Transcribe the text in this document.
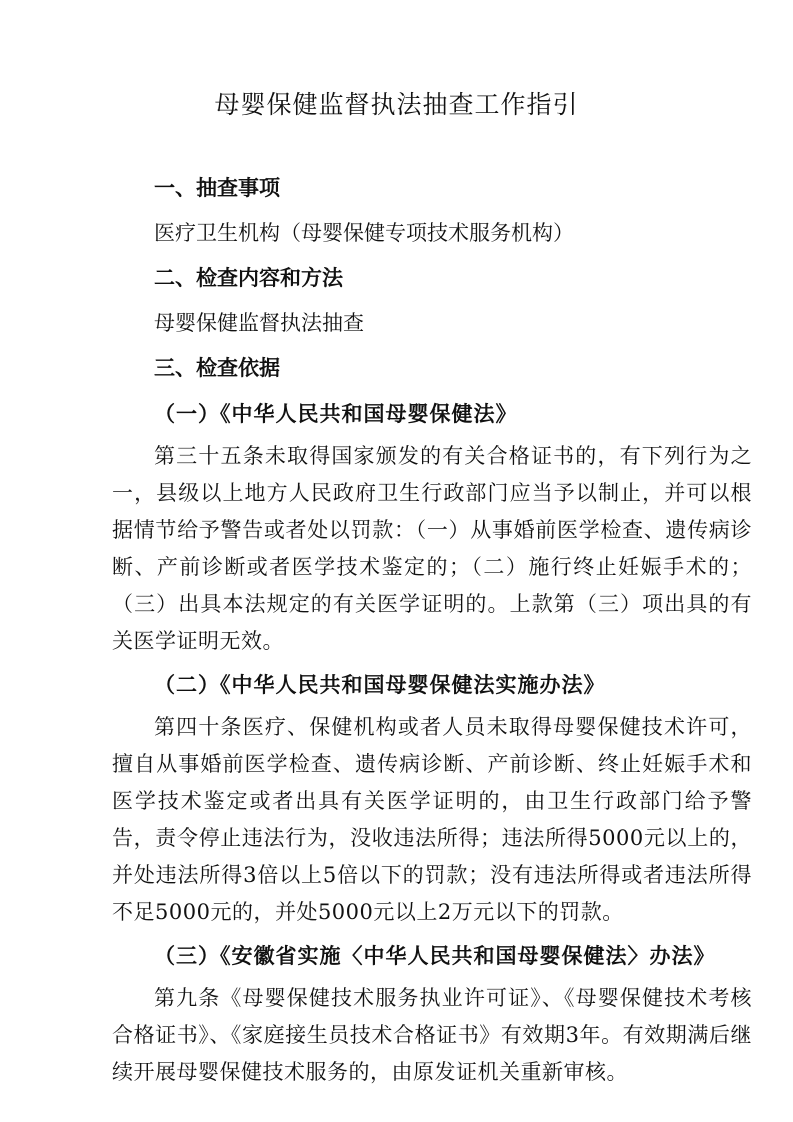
母婴保健监督执法抽查工作指引
一、抽查事项
医疗卫生机构（母婴保健专项技术服务机构）
二、检查内容和方法
母婴保健监督执法抽查
三、检查依据
（一）《中华人民共和国母婴保健法》
第三十五条未取得国家颁发的有关合格证书的，有下列行为之一，县级以上地方人民政府卫生行政部门应当予以制止，并可以根据情节给予警告或者处以罚款：（一）从事婚前医学检查、遗传病诊断、产前诊断或者医学技术鉴定的；（二）施行终止妊娠手术的；（三）出具本法规定的有关医学证明的。上款第（三）项出具的有关医学证明无效。
（二）《中华人民共和国母婴保健法实施办法》
第四十条医疗、保健机构或者人员未取得母婴保健技术许可，擅自从事婚前医学检查、遗传病诊断、产前诊断、终止妊娠手术和医学技术鉴定或者出具有关医学证明的，由卫生行政部门给予警告，责令停止违法行为，没收违法所得；违法所得5000元以上的，并处违法所得3倍以上5倍以下的罚款；没有违法所得或者违法所得不足5000元的，并处5000元以上2万元以下的罚款。
（三）《安徽省实施〈中华人民共和国母婴保健法〉办法》
第九条《母婴保健技术服务执业许可证》、《母婴保健技术考核合格证书》、《家庭接生员技术合格证书》有效期3年。有效期满后继续开展母婴保健技术服务的，由原发证机关重新审核。
